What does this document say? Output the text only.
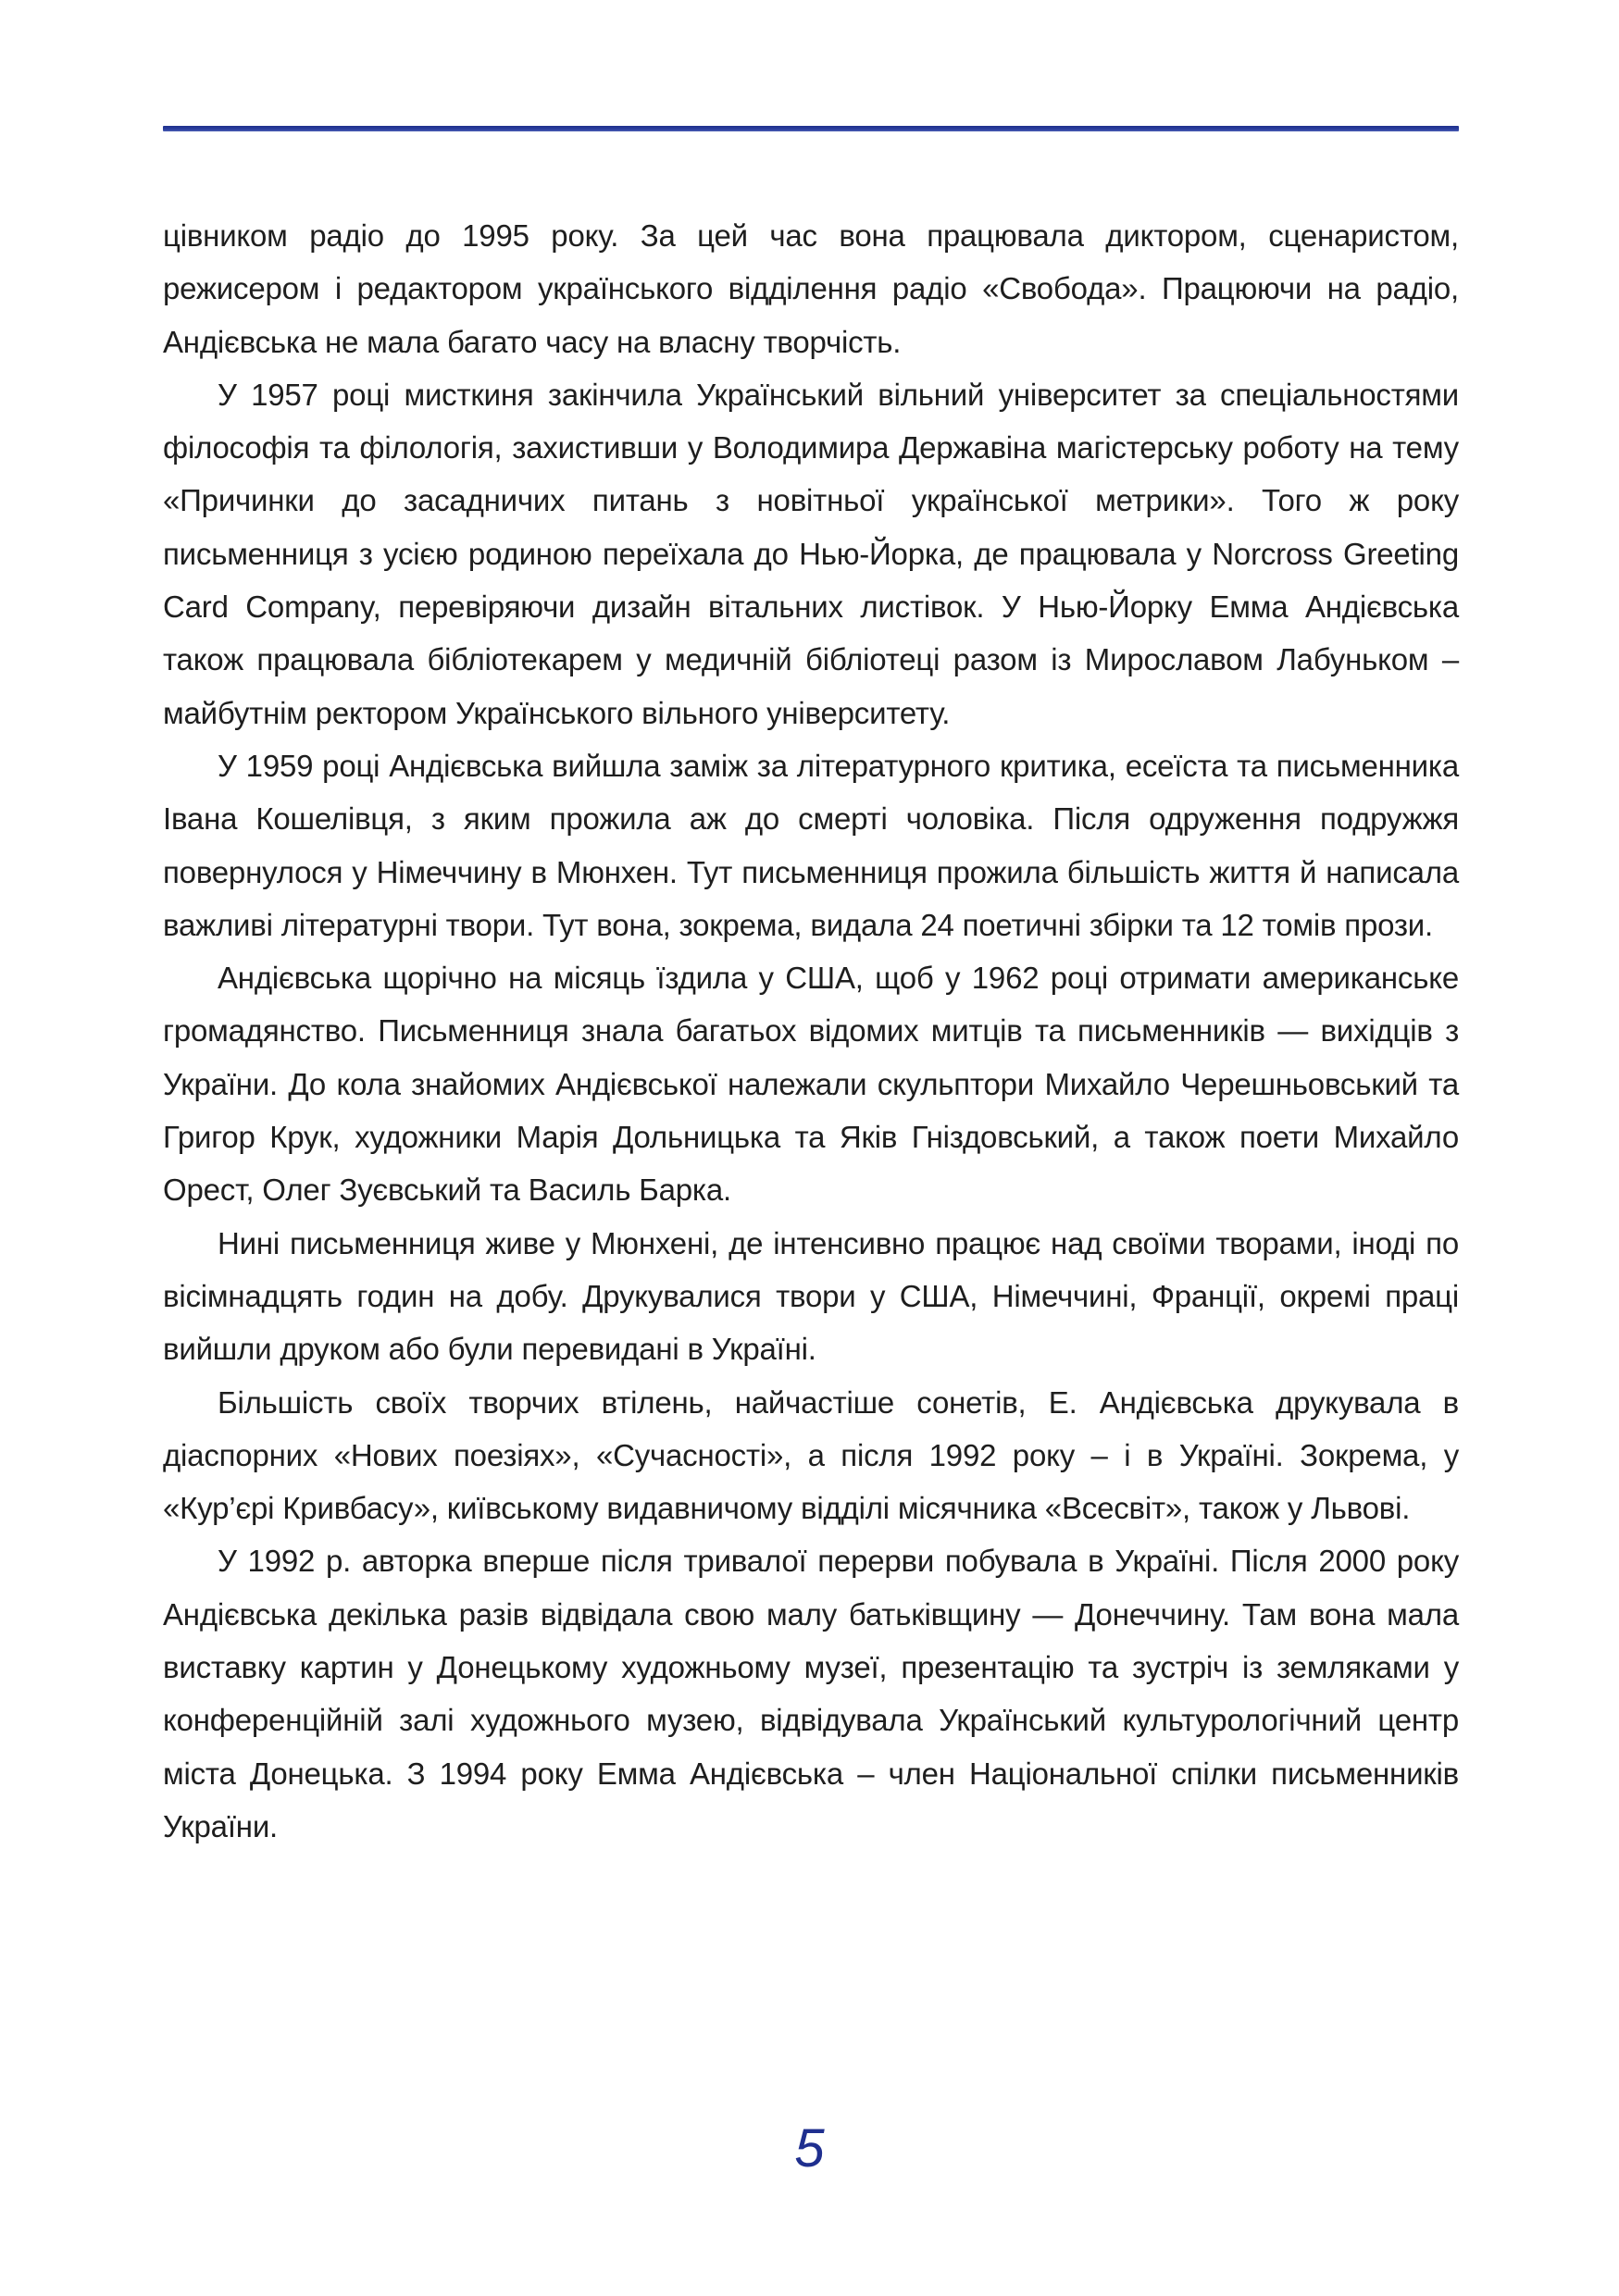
цівником радіо до 1995 року. За цей час вона працювала диктором, сценаристом, режисером і редактором українського відділення радіо «Свобода». Працюючи на радіо, Андієвська не мала багато часу на власну творчість.

У 1957 році мисткиня закінчила Український вільний університет за спеціальностями філософія та філологія, захистивши у Володимира Державіна магістерську роботу на тему «Причинки до засадничих питань з новітньої української метрики». Того ж року письменниця з усією родиною переїхала до Нью-Йорка, де працювала у Norcross Greeting Card Company, перевіряючи дизайн вітальних листівок. У Нью-Йорку Емма Андієвська також працювала бібліотекарем у медичній бібліотеці разом із Мирославом Лабуньком – майбутнім ректором Українського вільного університету.

У 1959 році Андієвська вийшла заміж за літературного критика, есеїста та письменника Івана Кошелівця, з яким прожила аж до смерті чоловіка. Після одруження подружжя повернулося у Німеччину в Мюнхен. Тут письменниця прожила більшість життя й написала важливі літературні твори. Тут вона, зокрема, видала 24 поетичні збірки та 12 томів прози.

Андієвська щорічно на місяць їздила у США, щоб у 1962 році отримати американське громадянство. Письменниця знала багатьох відомих митців та письменників — вихідців з України. До кола знайомих Андієвської належали скульптори Михайло Черешньовський та Григор Крук, художники Марія Дольницька та Яків Гніздовський, а також поети Михайло Орест, Олег Зуєвський та Василь Барка.

Нині письменниця живе у Мюнхені, де інтенсивно працює над своїми творами, іноді по вісімнадцять годин на добу. Друкувалися твори у США, Німеччині, Франції, окремі праці вийшли друком або були перевидані в Україні.

Більшість своїх творчих втілень, найчастіше сонетів, Е. Андієвська друкувала в діаспорних «Нових поезіях», «Сучасності», а після 1992 року – і в Україні. Зокрема, у «Кур’єрі Кривбасу», київському видавничому відділі місячника «Всесвіт», також у Львові.

У 1992 р. авторка вперше після тривалої перерви побувала в Україні. Після 2000 року Андієвська декілька разів відвідала свою малу батьківщину — Донеччину. Там вона мала виставку картин у Донецькому художньому музеї, презентацію та зустріч із земляками у конференційній залі художнього музею, відвідувала Український культурологічний центр міста Донецька. З 1994 року Емма Андієвська – член Національної спілки письменників України.

5
